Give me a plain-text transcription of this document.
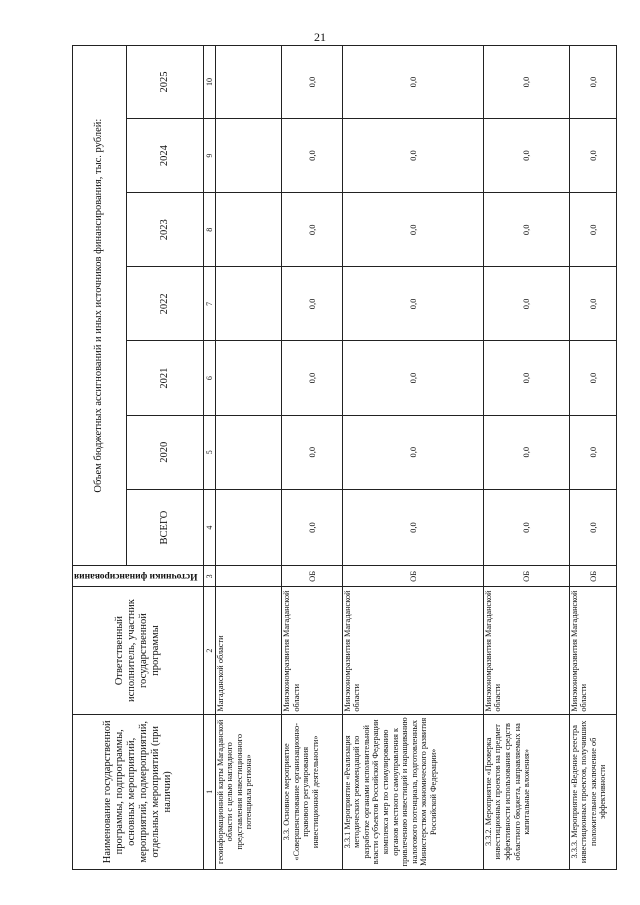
21
Наименование государственной программы, подпрограммы, основных мероприятий, мероприятий, подмероприятий, отдельных мероприятий (при наличии)	Ответственный исполнитель, участник государственной программы	Источники финансирования	Объем бюджетных ассигнований и иных источников финансирования, тыс. рублей:						
			ВСЕГО	2020	2021	2022	2023	2024	2025
1	2	3	4	5	6	7	8	9	10
геоинформационной карты Магаданской области с целью наглядного представления инвестиционного потенциала региона»	Магаданской области								
3.3. Основное мероприятие «Совершенствование организационно-правового регулирования инвестиционной деятельности»	Минэкономразвития Магаданской области	ОБ	0,0	0,0	0,0	0,0	0,0	0,0	0,0
3.3.1 Мероприятие «Реализация методических рекомендаций по разработке органами исполнительной власти субъектов Российской Федерации комплекса мер по стимулированию органов местного самоуправления к привлечению инвестиций и наращиванию налогового потенциала, подготовленных Министерством экономического развития Российской Федерации»	Минэкономразвития Магаданской области	ОБ	0,0	0,0	0,0	0,0	0,0	0,0	0,0
3.3.2. Мероприятие «Проверка инвестиционных проектов на предмет эффективности использования средств областного бюджета, направляемых на капитальные вложения»	Минэкономразвития Магаданской области	ОБ	0,0	0,0	0,0	0,0	0,0	0,0	0,0
3.3.3. Мероприятие «Ведение реестра инвестиционных проектов, получивших положительное заключение об эффективности	Минэкономразвития Магаданской области	ОБ	0,0	0,0	0,0	0,0	0,0	0,0	0,0
